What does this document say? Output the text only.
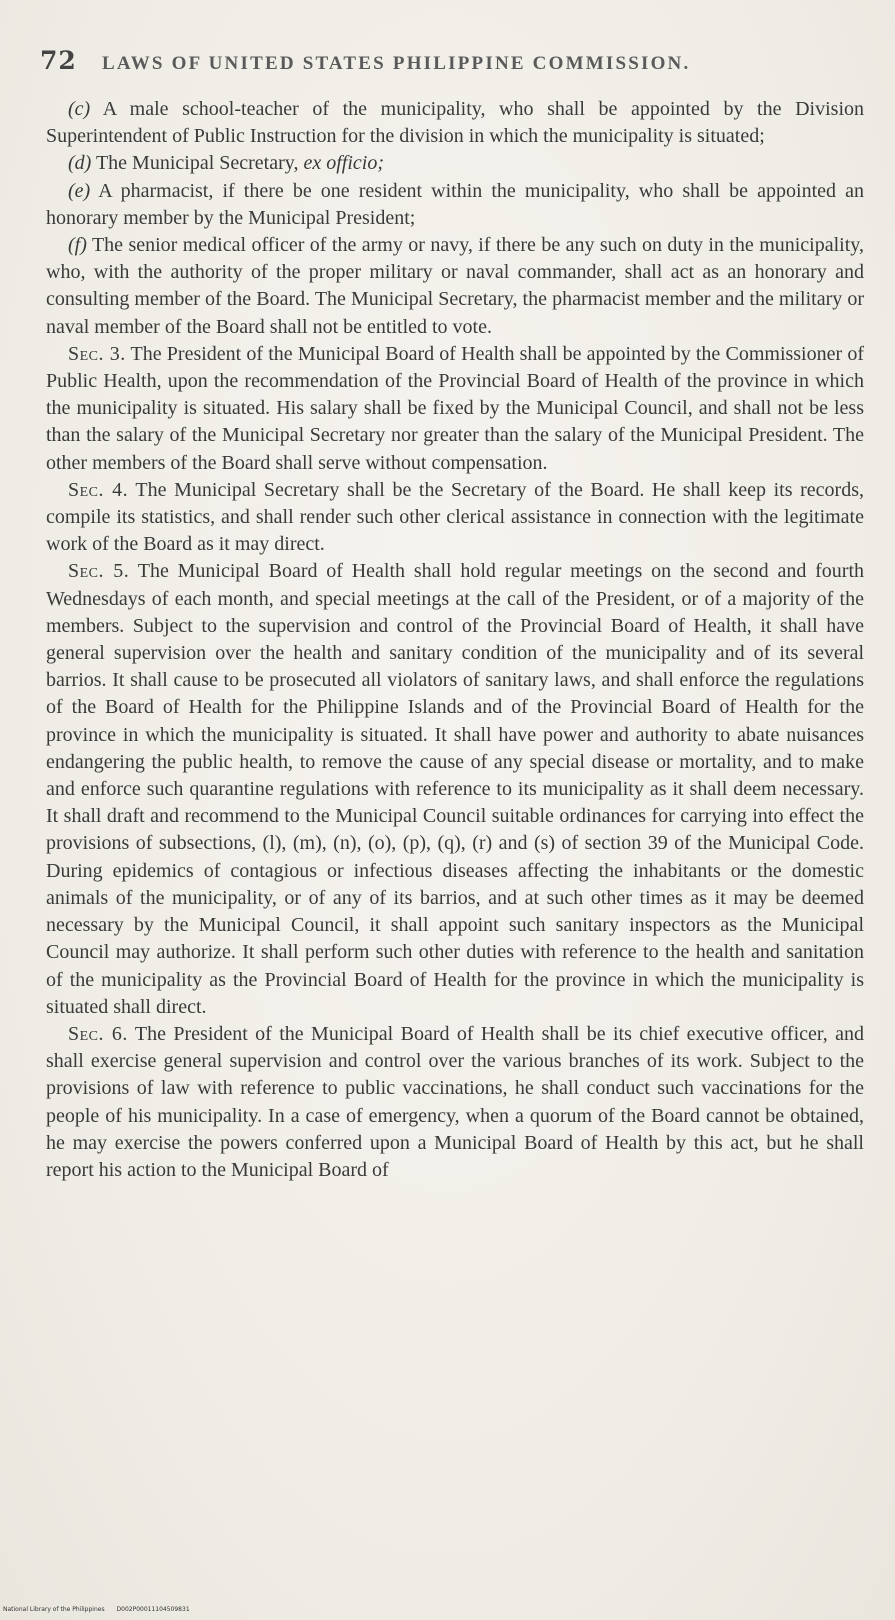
72	LAWS OF UNITED STATES PHILIPPINE COMMISSION.

(c) A male school-teacher of the municipality, who shall be appointed by the Division Superintendent of Public Instruction for the division in which the municipality is situated;

(d) The Municipal Secretary, ex officio;

(e) A pharmacist, if there be one resident within the municipality, who shall be appointed an honorary member by the Municipal President;

(f) The senior medical officer of the army or navy, if there be any such on duty in the municipality, who, with the authority of the proper military or naval commander, shall act as an honorary and consulting member of the Board. The Municipal Secretary, the pharmacist member and the military or naval member of the Board shall not be entitled to vote.

Sec. 3. The President of the Municipal Board of Health shall be appointed by the Commissioner of Public Health, upon the recommendation of the Provincial Board of Health of the province in which the municipality is situated. His salary shall be fixed by the Municipal Council, and shall not be less than the salary of the Municipal Secretary nor greater than the salary of the Municipal President. The other members of the Board shall serve without compensation.

Sec. 4. The Municipal Secretary shall be the Secretary of the Board. He shall keep its records, compile its statistics, and shall render such other clerical assistance in connection with the legitimate work of the Board as it may direct.

Sec. 5. The Municipal Board of Health shall hold regular meetings on the second and fourth Wednesdays of each month, and special meetings at the call of the President, or of a majority of the members. Subject to the supervision and control of the Provincial Board of Health, it shall have general supervision over the health and sanitary condition of the municipality and of its several barrios. It shall cause to be prosecuted all violators of sanitary laws, and shall enforce the regulations of the Board of Health for the Philippine Islands and of the Provincial Board of Health for the province in which the municipality is situated. It shall have power and authority to abate nuisances endangering the public health, to remove the cause of any special disease or mortality, and to make and enforce such quarantine regulations with reference to its municipality as it shall deem necessary. It shall draft and recommend to the Municipal Council suitable ordinances for carrying into effect the provisions of subsections, (l), (m), (n), (o), (p), (q), (r) and (s) of section 39 of the Municipal Code. During epidemics of contagious or infectious diseases affecting the inhabitants or the domestic animals of the municipality, or of any of its barrios, and at such other times as it may be deemed necessary by the Municipal Council, it shall appoint such sanitary inspectors as the Municipal Council may authorize. It shall perform such other duties with reference to the health and sanitation of the municipality as the Provincial Board of Health for the province in which the municipality is situated shall direct.

Sec. 6. The President of the Municipal Board of Health shall be its chief executive officer, and shall exercise general supervision and control over the various branches of its work. Subject to the provisions of law with reference to public vaccinations, he shall conduct such vaccinations for the people of his municipality. In a case of emergency, when a quorum of the Board cannot be obtained, he may exercise the powers conferred upon a Municipal Board of Health by this act, but he shall report his action to the Municipal Board of

National Library of the Philippines D002P00011104509831
